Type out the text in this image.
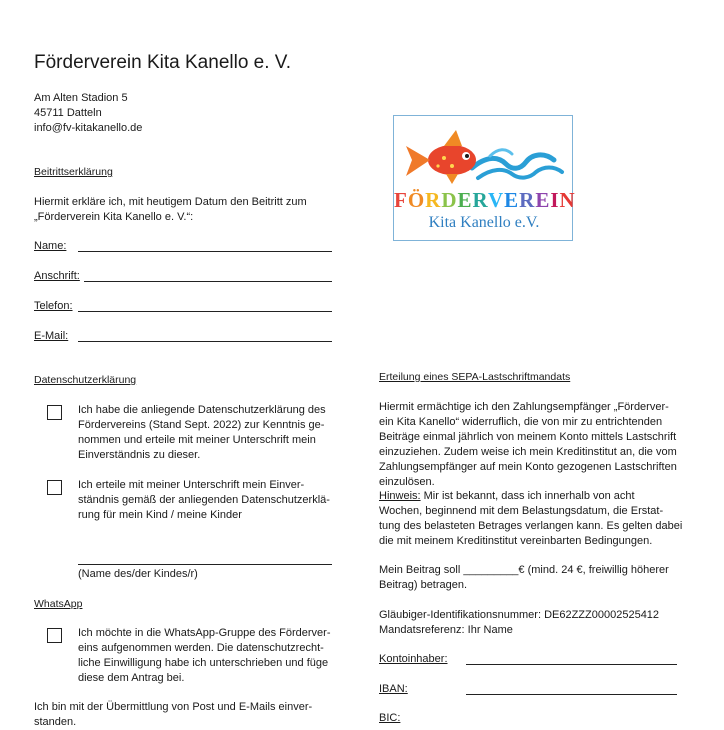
Förderverein Kita Kanello e. V.
Am Alten Stadion 5
45711 Datteln
info@fv-kitakanello.de
FÖRDERVEREIN
Kita Kanello e.V.
Beitrittserklärung
Hiermit erkläre ich, mit heutigem Datum den Beitritt zum
„Förderverein Kita Kanello e. V.“:
Name:
Anschrift:
Telefon:
E-Mail:
Datenschutzerklärung
Ich habe die anliegende Datenschutzerklärung des
Fördervereins (Stand Sept. 2022) zur Kenntnis ge-
nommen und erteile mit meiner Unterschrift mein
Einverständnis zu dieser.
Ich erteile mit meiner Unterschrift mein Einver-
ständnis gemäß der anliegenden Datenschutzerklä-
rung für mein Kind / meine Kinder
(Name des/der Kindes/r)
WhatsApp
Ich möchte in die WhatsApp-Gruppe des Förderver-
eins aufgenommen werden. Die datenschutzrecht-
liche Einwilligung habe ich unterschrieben und füge
diese dem Antrag bei.
Ich bin mit der Übermittlung von Post und E-Mails einver-
standen.
Erteilung eines SEPA-Lastschriftmandats
Hiermit ermächtige ich den Zahlungsempfänger „Förderver-
ein Kita Kanello“ widerruflich, die von mir zu entrichtenden
Beiträge einmal jährlich von meinem Konto mittels Lastschrift
einzuziehen. Zudem weise ich mein Kreditinstitut an, die vom
Zahlungsempfänger auf mein Konto gezogenen Lastschriften
einzulösen.
Hinweis: Mir ist bekannt, dass ich innerhalb von acht
Wochen, beginnend mit dem Belastungsdatum, die Erstat-
tung des belasteten Betrages verlangen kann. Es gelten dabei
die mit meinem Kreditinstitut vereinbarten Bedingungen.
Mein Beitrag soll _________€ (mind. 24 €, freiwillig höherer
Beitrag) betragen.
Gläubiger-Identifikationsnummer: DE62ZZZ00002525412
Mandatsreferenz: Ihr Name
Kontoinhaber:
IBAN:
BIC:
